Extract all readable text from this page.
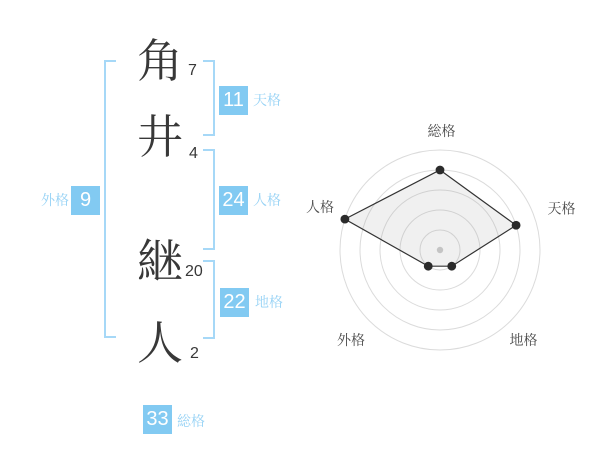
角
井
継
人
7
4
20
2
11 天格
24 人格
22 地格
外格 9
33 総格
総格
天格
地格
外格
人格
